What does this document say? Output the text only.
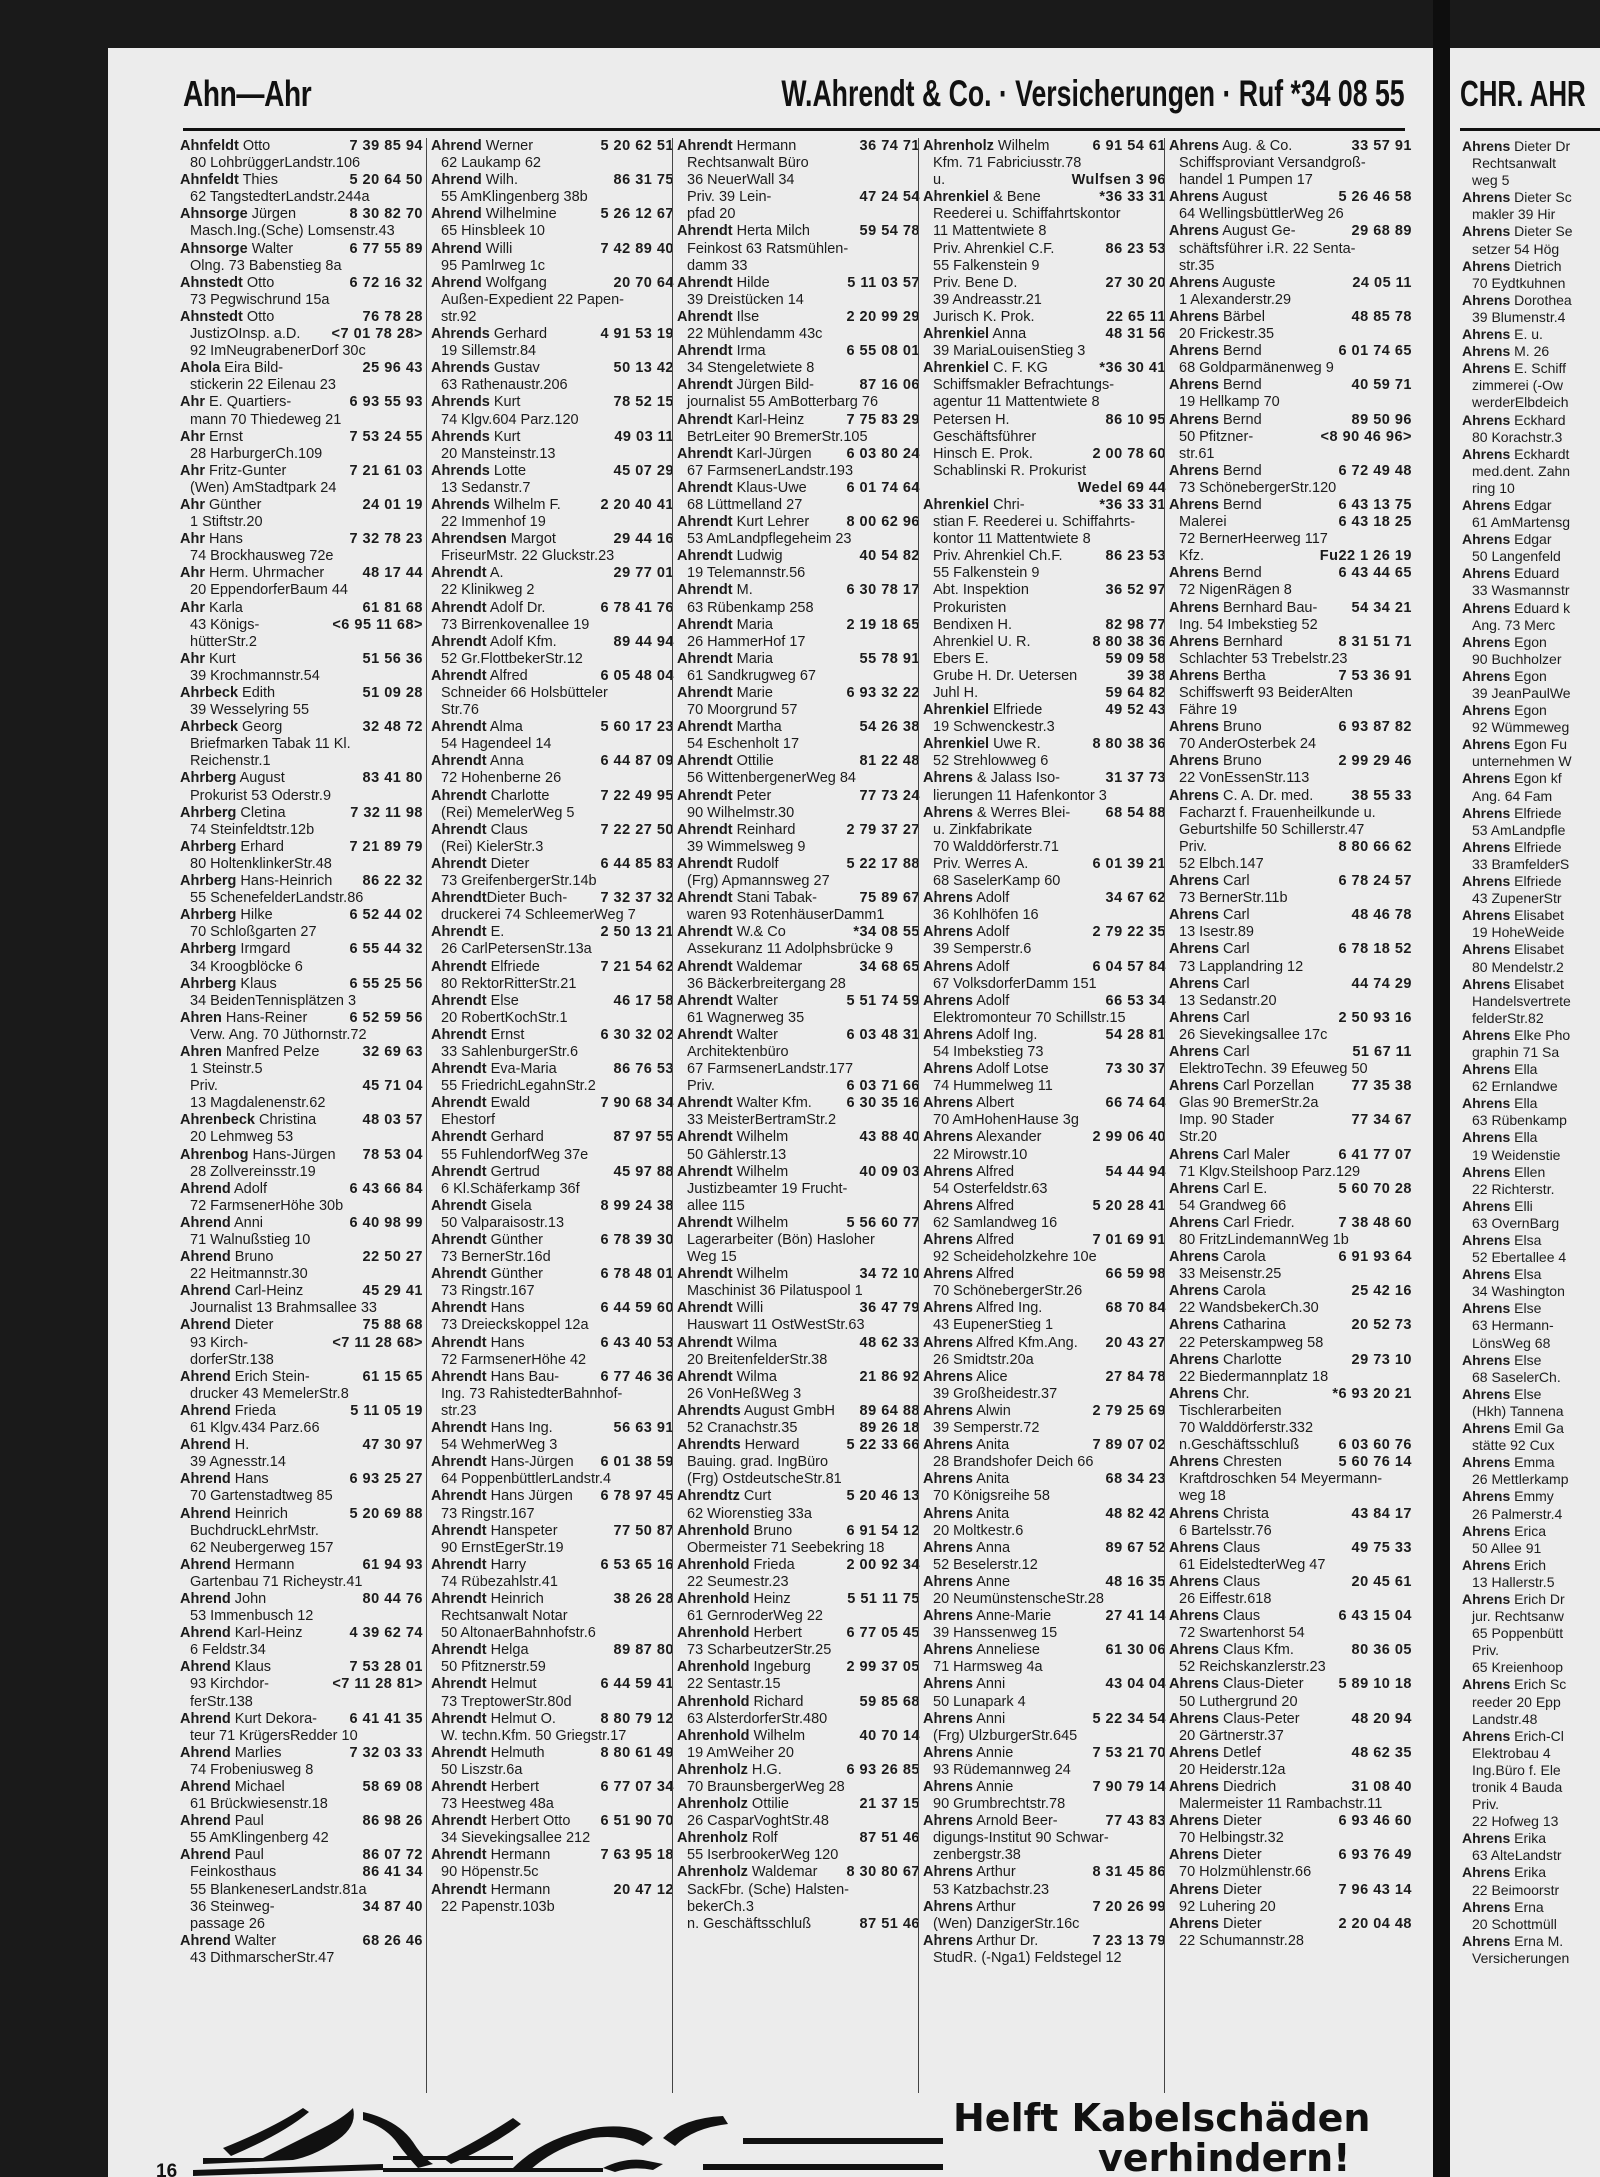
Ahn—Ahr	W.Ahrendt & Co. · Versicherungen · Ruf *34 08 55
7 39 85 94
Ahnfeldt Otto
80 LohbrüggerLandstr.106
5 20 64 50
Ahnfeldt Thies
62 TangstedterLandstr.244a
8 30 82 70
Ahnsorge Jürgen
Masch.Ing.(Sche) Lomsenstr.43
6 77 55 89
Ahnsorge Walter
Olng. 73 Babenstieg 8a
6 72 16 32
Ahnstedt Otto
73 Pegwischrund 15a
76 78 28
Ahnstedt Otto
<7 01 78 28>
JustizOInsp. a.D.
92 ImNeugrabenerDorf 30c
25 96 43
Ahola Eira Bild-
stickerin 22 Eilenau 23
6 93 55 93
Ahr E. Quartiers-
mann 70 Thiedeweg 21
7 53 24 55
Ahr Ernst
28 HarburgerCh.109
7 21 61 03
Ahr Fritz-Gunter
(Wen) AmStadtpark 24
24 01 19
Ahr Günther
1 Stiftstr.20
7 32 78 23
Ahr Hans
74 Brockhausweg 72e
48 17 44
Ahr Herm. Uhrmacher
20 EppendorferBaum 44
61 81 68
Ahr Karla
<6 95 11 68>
43 Königs-
hütterStr.2
51 56 36
Ahr Kurt
39 Krochmannstr.54
51 09 28
Ahrbeck Edith
39 Wesselyring 55
32 48 72
Ahrbeck Georg
Briefmarken Tabak 11 Kl.
Reichenstr.1
83 41 80
Ahrberg August
Prokurist 53 Oderstr.9
7 32 11 98
Ahrberg Cletina
74 Steinfeldtstr.12b
7 21 89 79
Ahrberg Erhard
80 HoltenklinkerStr.48
86 22 32
Ahrberg Hans-Heinrich
55 SchenefelderLandstr.86
6 52 44 02
Ahrberg Hilke
70 Schloßgarten 27
6 55 44 32
Ahrberg Irmgard
34 Kroogblöcke 6
6 55 25 56
Ahrberg Klaus
34 BeidenTennisplätzen 3
6 52 59 56
Ahren Hans-Reiner
Verw. Ang. 70 Jüthornstr.72
32 69 63
Ahren Manfred Pelze
1 Steinstr.5
45 71 04
Priv.
13 Magdalenenstr.62
48 03 57
Ahrenbeck Christina
20 Lehmweg 53
78 53 04
Ahrenbog Hans-Jürgen
28 Zollvereinsstr.19
6 43 66 84
Ahrend Adolf
72 FarmsenerHöhe 30b
6 40 98 99
Ahrend Anni
71 Walnußstieg 10
22 50 27
Ahrend Bruno
22 Heitmannstr.30
45 29 41
Ahrend Carl-Heinz
Journalist 13 Brahmsallee 33
75 88 68
Ahrend Dieter
<7 11 28 68>
93 Kirch-
dorferStr.138
61 15 65
Ahrend Erich Stein-
drucker 43 MemelerStr.8
5 11 05 19
Ahrend Frieda
61 Klgv.434 Parz.66
47 30 97
Ahrend H.
39 Agnesstr.14
6 93 25 27
Ahrend Hans
70 Gartenstadtweg 85
5 20 69 88
Ahrend Heinrich
BuchdruckLehrMstr.
62 Neubergerweg 157
61 94 93
Ahrend Hermann
Gartenbau 71 Richeystr.41
80 44 76
Ahrend John
53 Immenbusch 12
4 39 62 74
Ahrend Karl-Heinz
6 Feldstr.34
7 53 28 01
Ahrend Klaus
<7 11 28 81>
93 Kirchdor-
ferStr.138
6 41 41 35
Ahrend Kurt Dekora-
teur 71 KrügersRedder 10
7 32 03 33
Ahrend Marlies
74 Frobeniusweg 8
58 69 08
Ahrend Michael
61 Brückwiesenstr.18
86 98 26
Ahrend Paul
55 AmKlingenberg 42
86 07 72
Ahrend Paul
86 41 34
Feinkosthaus
55 BlankeneserLandstr.81a
34 87 40
36 Steinweg-
passage 26
68 26 46
Ahrend Walter
43 DithmarscherStr.47
5 20 62 51
Ahrend Werner
62 Laukamp 62
86 31 75
Ahrend Wilh.
55 AmKlingenberg 38b
5 26 12 67
Ahrend Wilhelmine
65 Hinsbleek 10
7 42 89 40
Ahrend Willi
95 Pamlrweg 1c
20 70 64
Ahrend Wolfgang
Außen-Expedient 22 Papen-
str.92
4 91 53 19
Ahrends Gerhard
19 Sillemstr.84
50 13 42
Ahrends Gustav
63 Rathenaustr.206
78 52 15
Ahrends Kurt
74 Klgv.604 Parz.120
49 03 11
Ahrends Kurt
20 Mansteinstr.13
45 07 29
Ahrends Lotte
13 Sedanstr.7
2 20 40 41
Ahrends Wilhelm F.
22 Immenhof 19
29 44 16
Ahrendsen Margot
FriseurMstr. 22 Gluckstr.23
29 77 01
Ahrendt A.
22 Klinikweg 2
6 78 41 76
Ahrendt Adolf Dr.
73 Birrenkovenallee 19
89 44 94
Ahrendt Adolf Kfm.
52 Gr.FlottbekerStr.12
6 05 48 04
Ahrendt Alfred
Schneider 66 Holsbütteler
Str.76
5 60 17 23
Ahrendt Alma
54 Hagendeel 14
6 44 87 09
Ahrendt Anna
72 Hohenberne 26
7 22 49 95
Ahrendt Charlotte
(Rei) MemelerWeg 5
7 22 27 50
Ahrendt Claus
(Rei) KielerStr.3
6 44 85 83
Ahrendt Dieter
73 GreifenbergerStr.14b
7 32 37 32
AhrendtDieter Buch-
druckerei 74 SchleemerWeg 7
2 50 13 21
Ahrendt E.
26 CarlPetersenStr.13a
7 21 54 62
Ahrendt Elfriede
80 RektorRitterStr.21
46 17 58
Ahrendt Else
20 RobertKochStr.1
6 30 32 02
Ahrendt Ernst
33 SahlenburgerStr.6
86 76 53
Ahrendt Eva-Maria
55 FriedrichLegahnStr.2
7 90 68 34
Ahrendt Ewald
Ehestorf
87 97 55
Ahrendt Gerhard
55 FuhlendorfWeg 37e
45 97 88
Ahrendt Gertrud
6 Kl.Schäferkamp 36f
8 99 24 38
Ahrendt Gisela
50 Valparaisostr.13
6 78 39 30
Ahrendt Günther
73 BernerStr.16d
6 78 48 01
Ahrendt Günther
73 Ringstr.167
6 44 59 60
Ahrendt Hans
73 Dreieckskoppel 12a
6 43 40 53
Ahrendt Hans
72 FarmsenerHöhe 42
6 77 46 36
Ahrendt Hans Bau-
Ing. 73 RahistedterBahnhof-
str.23
56 63 91
Ahrendt Hans Ing.
54 WehmerWeg 3
6 01 38 59
Ahrendt Hans-Jürgen
64 PoppenbüttlerLandstr.4
6 78 97 45
Ahrendt Hans Jürgen
73 Ringstr.167
77 50 87
Ahrendt Hanspeter
90 ErnstEgerStr.19
6 53 65 16
Ahrendt Harry
74 Rübezahlstr.41
38 26 28
Ahrendt Heinrich
Rechtsanwalt Notar
50 AltonaerBahnhofstr.6
89 87 80
Ahrendt Helga
50 Pfitznerstr.59
6 44 59 41
Ahrendt Helmut
73 TreptowerStr.80d
8 80 79 12
Ahrendt Helmut O.
W. techn.Kfm. 50 Griegstr.17
8 80 61 49
Ahrendt Helmuth
50 Liszstr.6a
6 77 07 34
Ahrendt Herbert
73 Heestweg 48a
6 51 90 70
Ahrendt Herbert Otto
34 Sievekingsallee 212
7 63 95 18
Ahrendt Hermann
90 Höpenstr.5c
20 47 12
Ahrendt Hermann
22 Papenstr.103b
36 74 71
Ahrendt Hermann
Rechtsanwalt Büro
36 NeuerWall 34
47 24 54
Priv. 39 Lein-
pfad 20
59 54 78
Ahrendt Herta Milch
Feinkost 63 Ratsmühlen-
damm 33
5 11 03 57
Ahrendt Hilde
39 Dreistücken 14
2 20 99 29
Ahrendt Ilse
22 Mühlendamm 43c
6 55 08 01
Ahrendt Irma
34 Stengeletwiete 8
87 16 06
Ahrendt Jürgen Bild-
journalist 55 AmBotterbarg 76
7 75 83 29
Ahrendt Karl-Heinz
BetrLeiter 90 BremerStr.105
6 03 80 24
Ahrendt Karl-Jürgen
67 FarmsenerLandstr.193
6 01 74 64
Ahrendt Klaus-Uwe
68 Lüttmelland 27
8 00 62 96
Ahrendt Kurt Lehrer
53 AmLandpflegeheim 23
40 54 82
Ahrendt Ludwig
19 Telemannstr.56
6 30 78 17
Ahrendt M.
63 Rübenkamp 258
2 19 18 65
Ahrendt Maria
26 HammerHof 17
55 78 91
Ahrendt Maria
61 Sandkrugweg 67
6 93 32 22
Ahrendt Marie
70 Moorgrund 57
54 26 38
Ahrendt Martha
54 Eschenholt 17
81 22 48
Ahrendt Ottilie
56 WittenbergenerWeg 84
77 73 24
Ahrendt Peter
90 Wilhelmstr.30
2 79 37 27
Ahrendt Reinhard
39 Wimmelsweg 9
5 22 17 88
Ahrendt Rudolf
(Frg) Apmannsweg 27
75 89 67
Ahrendt Stani Tabak-
waren 93 RotenhäuserDamm1
*34 08 55
Ahrendt W.& Co
Assekuranz 11 Adolphsbrücke 9
34 68 65
Ahrendt Waldemar
36 Bäckerbreitergang 28
5 51 74 59
Ahrendt Walter
61 Wagnerweg 35
6 03 48 31
Ahrendt Walter
Architektenbüro
67 FarmsenerLandstr.177
6 03 71 66
Priv.
6 30 35 16
Ahrendt Walter Kfm.
33 MeisterBertramStr.2
43 88 40
Ahrendt Wilhelm
50 Gählerstr.13
40 09 03
Ahrendt Wilhelm
Justizbeamter 19 Frucht-
allee 115
5 56 60 77
Ahrendt Wilhelm
Lagerarbeiter (Bön) Hasloher
Weg 15
34 72 10
Ahrendt Wilhelm
Maschinist 36 Pilatuspool 1
36 47 79
Ahrendt Willi
Hauswart 11 OstWestStr.63
48 62 33
Ahrendt Wilma
20 BreitenfelderStr.38
21 86 92
Ahrendt Wilma
26 VonHeßWeg 3
89 64 88
Ahrendts August GmbH
89 26 18
52 Cranachstr.35
5 22 33 66
Ahrendts Herward
Bauing. grad. IngBüro
(Frg) OstdeutscheStr.81
5 20 46 13
Ahrendtz Curt
62 Wiorenstieg 33a
6 91 54 12
Ahrenhold Bruno
Obermeister 71 Seebekring 18
2 00 92 34
Ahrenhold Frieda
22 Seumestr.23
5 51 11 75
Ahrenhold Heinz
61 GernroderWeg 22
6 77 05 45
Ahrenhold Herbert
73 ScharbeutzerStr.25
2 99 37 05
Ahrenhold Ingeburg
22 Sentastr.15
59 85 68
Ahrenhold Richard
63 AlsterdorferStr.480
40 70 14
Ahrenhold Wilhelm
19 AmWeiher 20
6 93 26 85
Ahrenholz H.G.
70 BraunsbergerWeg 28
21 37 15
Ahrenholz Ottilie
26 CasparVoghtStr.48
87 51 46
Ahrenholz Rolf
55 IserbrookerWeg 120
8 30 80 67
Ahrenholz Waldemar
SackFbr. (Sche) Halsten-
bekerCh.3
87 51 46
n. Geschäftsschluß
6 91 54 61
Ahrenholz Wilhelm
Kfm. 71 Fabriciusstr.78
Wulfsen 3 96
u.
*36 33 31
Ahrenkiel & Bene
Reederei u. Schiffahrtskontor
11 Mattentwiete 8
86 23 53
Priv. Ahrenkiel C.F.
55 Falkenstein 9
27 30 20
Priv. Bene D.
39 Andreasstr.21
22 65 11
Jurisch K. Prok.
48 31 56
Ahrenkiel Anna
39 MariaLouisenStieg 3
*36 30 41
Ahrenkiel C. F. KG
Schiffsmakler Befrachtungs-
agentur 11 Mattentwiete 8
86 10 95
Petersen H.
Geschäftsführer
2 00 78 60
Hinsch E. Prok.
Schablinski R. Prokurist
Wedel 69 44
*36 33 31
Ahrenkiel Chri-
stian F. Reederei u. Schiffahrts-
kontor 11 Mattentwiete 8
86 23 53
Priv. Ahrenkiel Ch.F.
55 Falkenstein 9
36 52 97
Abt. Inspektion
Prokuristen
82 98 77
Bendixen H.
8 80 38 36
Ahrenkiel U. R.
59 09 58
Ebers E.
39 38
Grube H. Dr. Uetersen
59 64 82
Juhl H.
49 52 43
Ahrenkiel Elfriede
19 Schwenckestr.3
8 80 38 36
Ahrenkiel Uwe R.
52 Strehlowweg 6
31 37 73
Ahrens & Jalass Iso-
lierungen 11 Hafenkontor 3
68 54 88
Ahrens & Werres Blei-
u. Zinkfabrikate
70 Walddörferstr.71
6 01 39 21
Priv. Werres A.
68 SaselerKamp 60
34 67 62
Ahrens Adolf
36 Kohlhöfen 16
2 79 22 35
Ahrens Adolf
39 Semperstr.6
6 04 57 84
Ahrens Adolf
67 VolksdorferDamm 151
66 53 34
Ahrens Adolf
Elektromonteur 70 Schillstr.15
54 28 81
Ahrens Adolf Ing.
54 Imbekstieg 73
73 30 37
Ahrens Adolf Lotse
74 Hummelweg 11
66 74 64
Ahrens Albert
70 AmHohenHause 3g
2 99 06 40
Ahrens Alexander
22 Mirowstr.10
54 44 94
Ahrens Alfred
54 Osterfeldstr.63
5 20 28 41
Ahrens Alfred
62 Samlandweg 16
7 01 69 91
Ahrens Alfred
92 Scheideholzkehre 10e
66 59 98
Ahrens Alfred
70 SchönebergerStr.26
68 70 84
Ahrens Alfred Ing.
43 EupenerStieg 1
20 43 27
Ahrens Alfred Kfm.Ang.
26 Smidtstr.20a
27 84 78
Ahrens Alice
39 Großheidestr.37
2 79 25 69
Ahrens Alwin
39 Semperstr.72
7 89 07 02
Ahrens Anita
28 Brandshofer Deich 66
68 34 23
Ahrens Anita
70 Königsreihe 58
48 82 42
Ahrens Anita
20 Moltkestr.6
89 67 52
Ahrens Anna
52 Beselerstr.12
48 16 35
Ahrens Anne
20 NeumünstenscheStr.28
27 41 14
Ahrens Anne-Marie
39 Hanssenweg 15
61 30 06
Ahrens Anneliese
71 Harmsweg 4a
43 04 04
Ahrens Anni
50 Lunapark 4
5 22 34 54
Ahrens Anni
(Frg) UlzburgerStr.645
7 53 21 70
Ahrens Annie
93 Rüdemannweg 24
7 90 79 14
Ahrens Annie
90 Grumbrechtstr.78
77 43 83
Ahrens Arnold Beer-
digungs-Institut 90 Schwar-
zenbergstr.38
8 31 45 86
Ahrens Arthur
53 Katzbachstr.23
7 20 26 99
Ahrens Arthur
(Wen) DanzigerStr.16c
7 23 13 79
Ahrens Arthur Dr.
StudR. (-Nga1) Feldstegel 12
33 57 91
Ahrens Aug. & Co.
Schiffsproviant Versandgroß-
handel 1 Pumpen 17
5 26 46 58
Ahrens August
64 WellingsbüttlerWeg 26
29 68 89
Ahrens August Ge-
schäftsführer i.R. 22 Senta-
str.35
24 05 11
Ahrens Auguste
1 Alexanderstr.29
48 85 78
Ahrens Bärbel
20 Frickestr.35
6 01 74 65
Ahrens Bernd
68 Goldparmänenweg 9
40 59 71
Ahrens Bernd
19 Hellkamp 70
89 50 96
Ahrens Bernd
<8 90 46 96>
50 Pfitzner-
str.61
6 72 49 48
Ahrens Bernd
73 SchönebergerStr.120
6 43 13 75
Ahrens Bernd
6 43 18 25
Malerei
72 BernerHeerweg 117
Fu22 1 26 19
Kfz.
6 43 44 65
Ahrens Bernd
72 NigenRägen 8
54 34 21
Ahrens Bernhard Bau-
Ing. 54 Imbekstieg 52
8 31 51 71
Ahrens Bernhard
Schlachter 53 Trebelstr.23
7 53 36 91
Ahrens Bertha
Schiffswerft 93 BeiderAlten
Fähre 19
6 93 87 82
Ahrens Bruno
70 AnderOsterbek 24
2 99 29 46
Ahrens Bruno
22 VonEssenStr.113
38 55 33
Ahrens C. A. Dr. med.
Facharzt f. Frauenheilkunde u.
Geburtshilfe 50 Schillerstr.47
8 80 66 62
Priv.
52 Elbch.147
6 78 24 57
Ahrens Carl
73 BernerStr.11b
48 46 78
Ahrens Carl
13 Isestr.89
6 78 18 52
Ahrens Carl
73 Lapplandring 12
44 74 29
Ahrens Carl
13 Sedanstr.20
2 50 93 16
Ahrens Carl
26 Sievekingsallee 17c
51 67 11
Ahrens Carl
ElektroTechn. 39 Efeuweg 50
77 35 38
Ahrens Carl Porzellan
Glas 90 BremerStr.2a
77 34 67
Imp. 90 Stader
Str.20
6 41 77 07
Ahrens Carl Maler
71 Klgv.Steilshoop Parz.129
5 60 70 28
Ahrens Carl E.
54 Grandweg 66
7 38 48 60
Ahrens Carl Friedr.
80 FritzLindemannWeg 1b
6 91 93 64
Ahrens Carola
33 Meisenstr.25
25 42 16
Ahrens Carola
22 WandsbekerCh.30
20 52 73
Ahrens Catharina
22 Peterskampweg 58
29 73 10
Ahrens Charlotte
22 Biedermannplatz 18
*6 93 20 21
Ahrens Chr.
Tischlerarbeiten
70 Walddörferstr.332
6 03 60 76
n.Geschäftsschluß
5 60 76 14
Ahrens Chresten
Kraftdroschken 54 Meyermann-
weg 18
43 84 17
Ahrens Christa
6 Bartelsstr.76
49 75 33
Ahrens Claus
61 EidelstedterWeg 47
20 45 61
Ahrens Claus
26 Eiffestr.618
6 43 15 04
Ahrens Claus
72 Swartenhorst 54
80 36 05
Ahrens Claus Kfm.
52 Reichskanzlerstr.23
5 89 10 18
Ahrens Claus-Dieter
50 Luthergrund 20
48 20 94
Ahrens Claus-Peter
20 Gärtnerstr.37
48 62 35
Ahrens Detlef
20 Heiderstr.12a
31 08 40
Ahrens Diedrich
Malermeister 11 Rambachstr.11
6 93 46 60
Ahrens Dieter
70 Helbingstr.32
6 93 76 49
Ahrens Dieter
70 Holzmühlenstr.66
7 96 43 14
Ahrens Dieter
92 Luhering 20
2 20 04 48
Ahrens Dieter
22 Schumannstr.28
Helft Kabelschäden
verhindern!
16
CHR. AHR
Ahrens Dieter Dr
Rechtsanwalt
weg 5
Ahrens Dieter Sc
makler 39 Hir
Ahrens Dieter Se
setzer 54 Hög
Ahrens Dietrich
70 Eydtkuhnen
Ahrens Dorothea
39 Blumenstr.4
Ahrens E. u.
Ahrens M. 26
Ahrens E. Schiff
zimmerei (-Ow
werderElbdeich
Ahrens Eckhard
80 Korachstr.3
Ahrens Eckhardt
med.dent. Zahn
ring 10
Ahrens Edgar
61 AmMartensg
Ahrens Edgar
50 Langenfeld
Ahrens Eduard
33 Wasmannstr
Ahrens Eduard k
Ang. 73 Merc
Ahrens Egon
90 Buchholzer
Ahrens Egon
39 JeanPaulWe
Ahrens Egon
92 Wümmeweg
Ahrens Egon Fu
unternehmen W
Ahrens Egon kf
Ang. 64 Fam
Ahrens Elfriede
53 AmLandpfle
Ahrens Elfriede
33 BramfelderS
Ahrens Elfriede
43 ZupenerStr
Ahrens Elisabet
19 HoheWeide
Ahrens Elisabet
80 Mendelstr.2
Ahrens Elisabet
Handelsvertrete
felderStr.82
Ahrens Elke Pho
graphin 71 Sa
Ahrens Ella
62 Ernlandwe
Ahrens Ella
63 Rübenkamp
Ahrens Ella
19 Weidenstie
Ahrens Ellen
22 Richterstr.
Ahrens Elli
63 OvernBarg
Ahrens Elsa
52 Ebertallee 4
Ahrens Elsa
34 Washington
Ahrens Else
63 Hermann-
LönsWeg 68
Ahrens Else
68 SaselerCh.
Ahrens Else
(Hkh) Tannena
Ahrens Emil Ga
stätte 92 Cux
Ahrens Emma
26 Mettlerkamp
Ahrens Emmy
26 Palmerstr.4
Ahrens Erica
50 Allee 91
Ahrens Erich
13 Hallerstr.5
Ahrens Erich Dr
jur. Rechtsanw
65 Poppenbütt
Priv.
65 Kreienhoop
Ahrens Erich Sc
reeder 20 Epp
Landstr.48
Ahrens Erich-Cl
Elektrobau 4
Ing.Büro f. Ele
tronik 4 Bauda
Priv.
22 Hofweg 13
Ahrens Erika
63 AlteLandstr
Ahrens Erika
22 Beimoorstr
Ahrens Erna
20 Schottmüll
Ahrens Erna M.
Versicherungen
